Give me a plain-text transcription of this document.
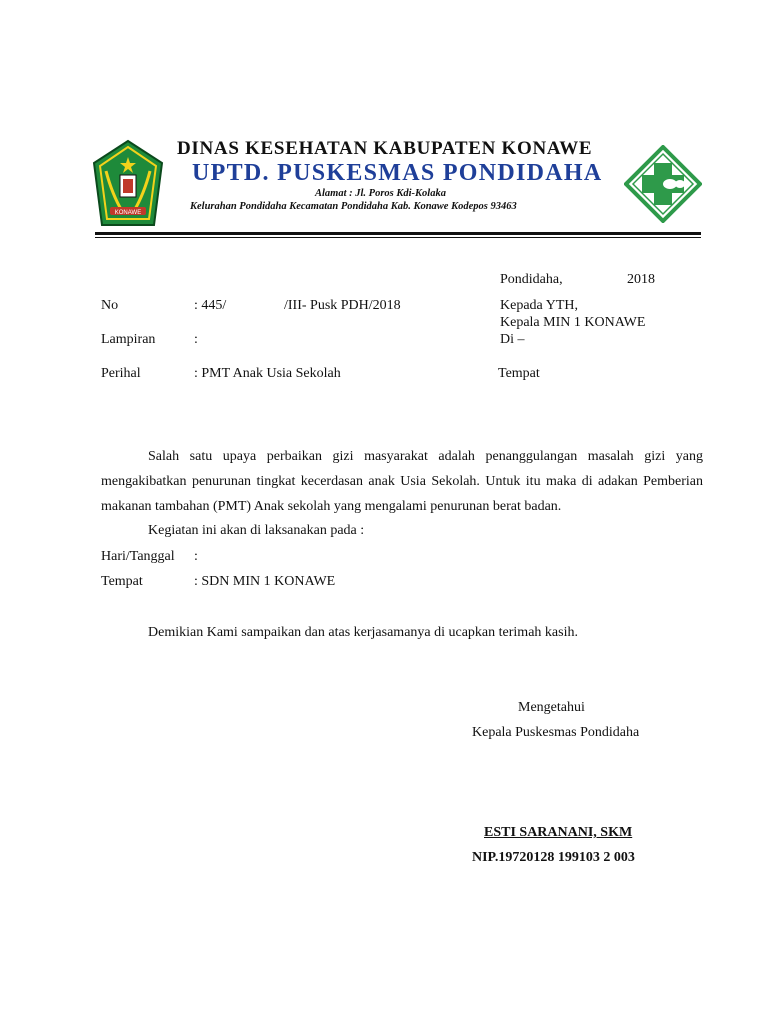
KONAWE
DINAS KESEHATAN KABUPATEN KONAWE
UPTD. PUSKESMAS PONDIDAHA
Alamat : Jl. Poros Kdi-Kolaka
Kelurahan Pondidaha Kecamatan Pondidaha Kab. Konawe Kodepos 93463
Pondidaha,	2018
No	: 445/	/III- Pusk PDH/2018	Kepada YTH,
Kepala MIN 1 KONAWE
Di –
Lampiran	:
Perihal	: PMT Anak Usia Sekolah	Tempat
Salah satu upaya perbaikan gizi masyarakat adalah penanggulangan masalah gizi yang mengakibatkan penurunan tingkat kecerdasan anak Usia Sekolah. Untuk itu maka di adakan Pemberian makanan tambahan (PMT) Anak sekolah yang mengalami penurunan berat badan.
Kegiatan ini akan di laksanakan pada :
Hari/Tanggal :
Tempat	: SDN MIN 1 KONAWE
Demikian Kami sampaikan dan atas kerjasamanya di ucapkan terimah kasih.
Mengetahui
Kepala Puskesmas Pondidaha
ESTI SARANANI, SKM
NIP.19720128 199103 2 003
